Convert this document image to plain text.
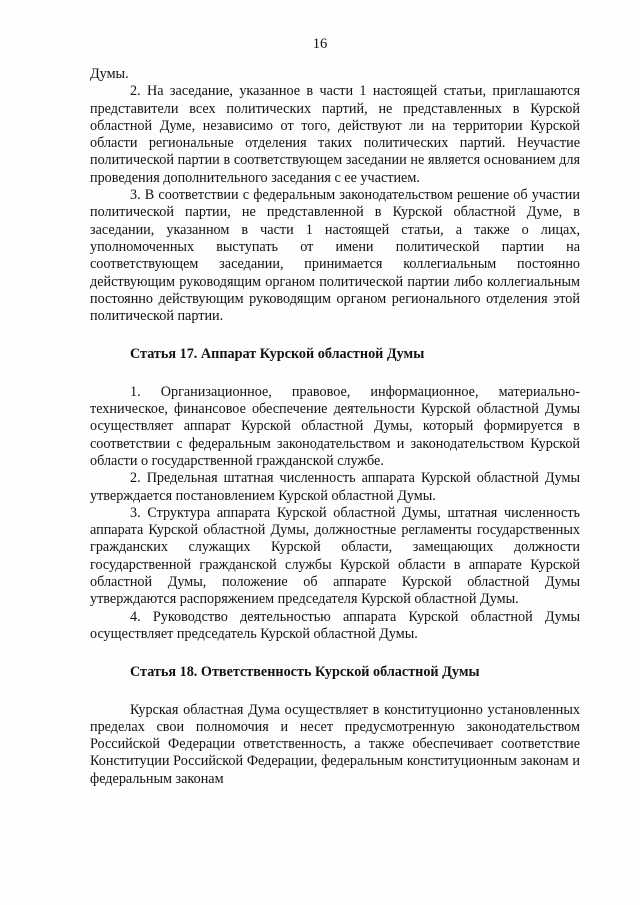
16

Думы.

2. На заседание, указанное в части 1 настоящей статьи, приглашаются представители всех политических партий, не представленных в Курской областной Думе, независимо от того, действуют ли на территории Курской области региональные отделения таких политических партий. Неучастие политической партии в соответствующем заседании не является основанием для проведения дополнительного заседания с ее участием.

3. В соответствии с федеральным законодательством решение об участии политической партии, не представленной в Курской областной Думе, в заседании, указанном в части 1 настоящей статьи, а также о лицах, уполномоченных выступать от имени политической партии на соответствующем заседании, принимается коллегиальным постоянно действующим руководящим органом политической партии либо коллегиальным постоянно действующим руководящим органом регионального отделения этой политической партии.

Статья 17. Аппарат Курской областной Думы

1. Организационное, правовое, информационное, материально-техническое, финансовое обеспечение деятельности Курской областной Думы осуществляет аппарат Курской областной Думы, который формируется в соответствии с федеральным законодательством и законодательством Курской области о государственной гражданской службе.

2. Предельная штатная численность аппарата Курской областной Думы утверждается постановлением Курской областной Думы.

3. Структура аппарата Курской областной Думы, штатная численность аппарата Курской областной Думы, должностные регламенты государственных гражданских служащих Курской области, замещающих должности государственной гражданской службы Курской области в аппарате Курской областной Думы, положение об аппарате Курской областной Думы утверждаются распоряжением председателя Курской областной Думы.

4. Руководство деятельностью аппарата Курской областной Думы осуществляет председатель Курской областной Думы.

Статья 18. Ответственность Курской областной Думы

Курская областная Дума осуществляет в конституционно установленных пределах свои полномочия и несет предусмотренную законодательством Российской Федерации ответственность, а также обеспечивает соответствие Конституции Российской Федерации, федеральным конституционным законам и федеральным законам
